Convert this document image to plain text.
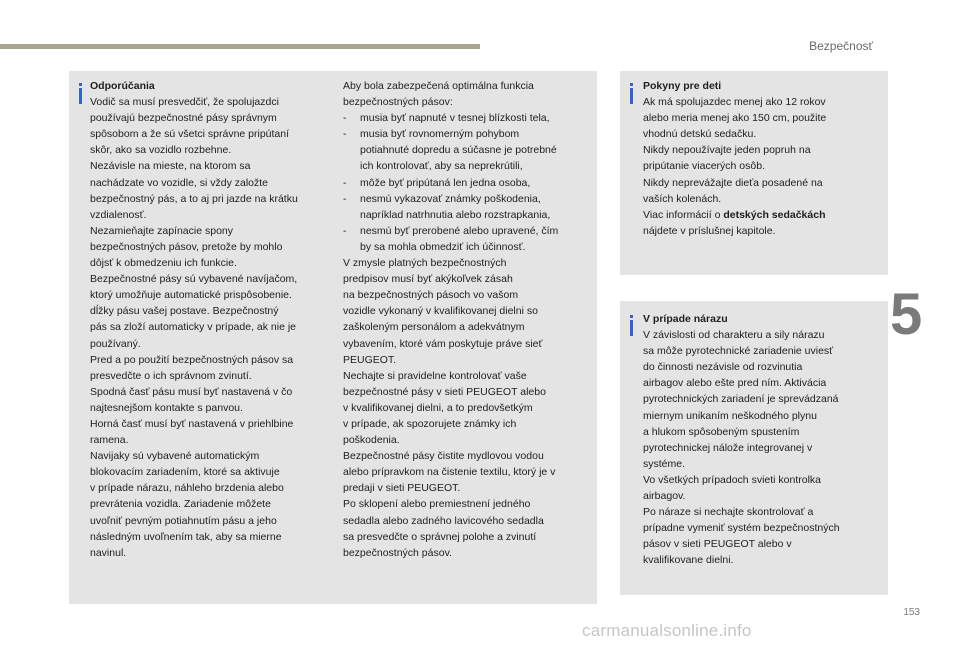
Bezpečnosť
5
153
carmanualsonline.info
Odporúčania
Vodič sa musí presvedčiť, že spolujazdci
používajú bezpečnostné pásy správnym
spôsobom a že sú všetci správne pripútaní
skôr, ako sa vozidlo rozbehne.
Nezávisle na mieste, na ktorom sa
nachádzate vo vozidle, si vždy založte
bezpečnostný pás, a to aj pri jazde na krátku
vzdialenosť.
Nezamieňajte zapínacie spony
bezpečnostných pásov, pretože by mohlo
dôjsť k obmedzeniu ich funkcie.
Bezpečnostné pásy sú vybavené navíjačom,
ktorý umožňuje automatické prispôsobenie.
dĺžky pásu vašej postave. Bezpečnostný
pás sa zloží automaticky v prípade, ak nie je
používaný.
Pred a po použití bezpečnostných pásov sa
presvedčte o ich správnom zvinutí.
Spodná časť pásu musí byť nastavená v čo
najtesnejšom kontakte s panvou.
Horná časť musí byť nastavená v priehlbine
ramena.
Navijaky sú vybavené automatickým
blokovacím zariadením, ktoré sa aktivuje
v prípade nárazu, náhleho brzdenia alebo
prevrátenia vozidla. Zariadenie môžete
uvoľniť pevným potiahnutím pásu a jeho
následným uvoľnením tak, aby sa mierne
navinul.
Aby bola zabezpečená optimálna funkcia
bezpečnostných pásov:
- musia byť napnuté v tesnej blízkosti tela,
- musia byť rovnomerným pohybom
potiahnuté dopredu a súčasne je potrebné
ich kontrolovať, aby sa neprekrútili,
- môže byť pripútaná len jedna osoba,
- nesmú vykazovať známky poškodenia,
napríklad natrhnutia alebo rozstrapkania,
- nesmú byť prerobené alebo upravené, čím
by sa mohla obmedziť ich účinnosť.
V zmysle platných bezpečnostných
predpisov musí byť akýkoľvek zásah
na bezpečnostných pásoch vo vašom
vozidle vykonaný v kvalifikovanej dielni so
zaškoleným personálom a adekvátnym
vybavením, ktoré vám poskytuje práve sieť
PEUGEOT.
Nechajte si pravidelne kontrolovať vaše
bezpečnostné pásy v sieti PEUGEOT alebo
v kvalifikovanej dielni, a to predovšetkým
v prípade, ak spozorujete známky ich
poškodenia.
Bezpečnostné pásy čistite mydlovou vodou
alebo prípravkom na čistenie textilu, ktorý je v
predaji v sieti PEUGEOT.
Po sklopení alebo premiestnení jedného
sedadla alebo zadného lavicového sedadla
sa presvedčte o správnej polohe a zvinutí
bezpečnostných pásov.
Pokyny pre deti
Ak má spolujazdec menej ako 12 rokov
alebo meria menej ako 150 cm, použite
vhodnú detskú sedačku.
Nikdy nepoužívajte jeden popruh na
pripútanie viacerých osôb.
Nikdy neprevážajte dieťa posadené na
vaších kolenách.
Viac informácií o detských sedačkách
nájdete v príslušnej kapitole.
V prípade nárazu
V závislosti od charakteru a sily nárazu
sa môže pyrotechnické zariadenie uviesť
do činnosti nezávisle od rozvinutia
airbagov alebo ešte pred ním. Aktivácia
pyrotechnických zariadení je sprevádzaná
miernym unikaním neškodného plynu
a hlukom spôsobeným spustením
pyrotechnickej nálože integrovanej v
systéme.
Vo všetkých prípadoch svieti kontrolka
airbagov.
Po náraze si nechajte skontrolovať a
prípadne vymeniť systém bezpečnostných
pásov v sieti PEUGEOT alebo v
kvalifikovane dielni.
